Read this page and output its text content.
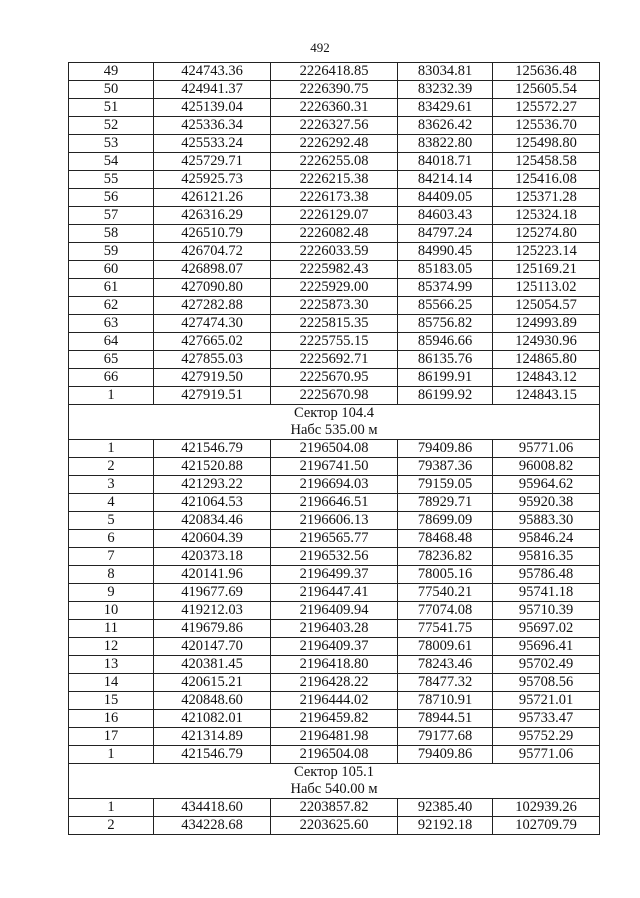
492
49	424743.36	2226418.85	83034.81	125636.48
50	424941.37	2226390.75	83232.39	125605.54
51	425139.04	2226360.31	83429.61	125572.27
52	425336.34	2226327.56	83626.42	125536.70
53	425533.24	2226292.48	83822.80	125498.80
54	425729.71	2226255.08	84018.71	125458.58
55	425925.73	2226215.38	84214.14	125416.08
56	426121.26	2226173.38	84409.05	125371.28
57	426316.29	2226129.07	84603.43	125324.18
58	426510.79	2226082.48	84797.24	125274.80
59	426704.72	2226033.59	84990.45	125223.14
60	426898.07	2225982.43	85183.05	125169.21
61	427090.80	2225929.00	85374.99	125113.02
62	427282.88	2225873.30	85566.25	125054.57
63	427474.30	2225815.35	85756.82	124993.89
64	427665.02	2225755.15	85946.66	124930.96
65	427855.03	2225692.71	86135.76	124865.80
66	427919.50	2225670.95	86199.91	124843.12
1	427919.51	2225670.98	86199.92	124843.15
Сектор 104.4				
Набс 535.00 м				
1	421546.79	2196504.08	79409.86	95771.06
2	421520.88	2196741.50	79387.36	96008.82
3	421293.22	2196694.03	79159.05	95964.62
4	421064.53	2196646.51	78929.71	95920.38
5	420834.46	2196606.13	78699.09	95883.30
6	420604.39	2196565.77	78468.48	95846.24
7	420373.18	2196532.56	78236.82	95816.35
8	420141.96	2196499.37	78005.16	95786.48
9	419677.69	2196447.41	77540.21	95741.18
10	419212.03	2196409.94	77074.08	95710.39
11	419679.86	2196403.28	77541.75	95697.02
12	420147.70	2196409.37	78009.61	95696.41
13	420381.45	2196418.80	78243.46	95702.49
14	420615.21	2196428.22	78477.32	95708.56
15	420848.60	2196444.02	78710.91	95721.01
16	421082.01	2196459.82	78944.51	95733.47
17	421314.89	2196481.98	79177.68	95752.29
1	421546.79	2196504.08	79409.86	95771.06
Сектор 105.1				
Набс 540.00 м				
1	434418.60	2203857.82	92385.40	102939.26
2	434228.68	2203625.60	92192.18	102709.79
